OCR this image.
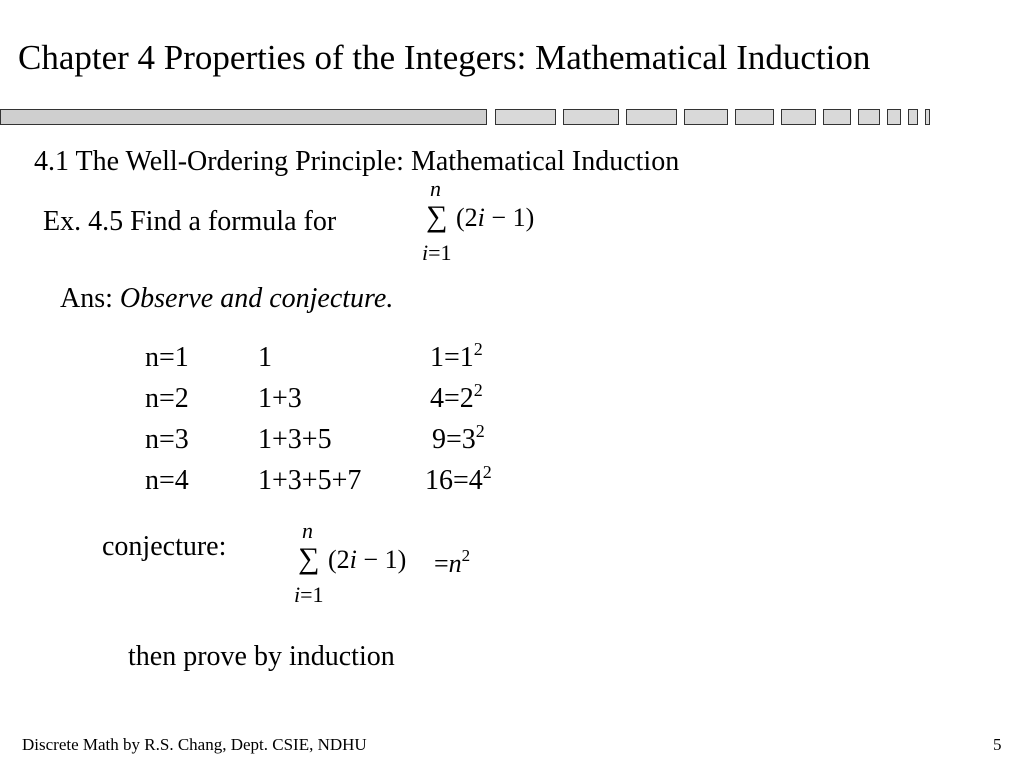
Chapter 4 Properties of the Integers: Mathematical Induction
4.1 The Well-Ordering Principle: Mathematical Induction
Ex. 4.5 Find a formula for
n
∑ (2i − 1)
i=1
Ans: Observe and conjecture.
n=1 1	$1=1^2$
n=2 1+3	$4=2^2$
n=3 1+3+5	$9=3^2$
n=4 1+3+5+7 $16=4^2$
conjecture:
n
∑ (2i − 1)
i=1
$=n^2$
then prove by induction
Discrete Math by R.S. Chang, Dept. CSIE, NDHU	5
